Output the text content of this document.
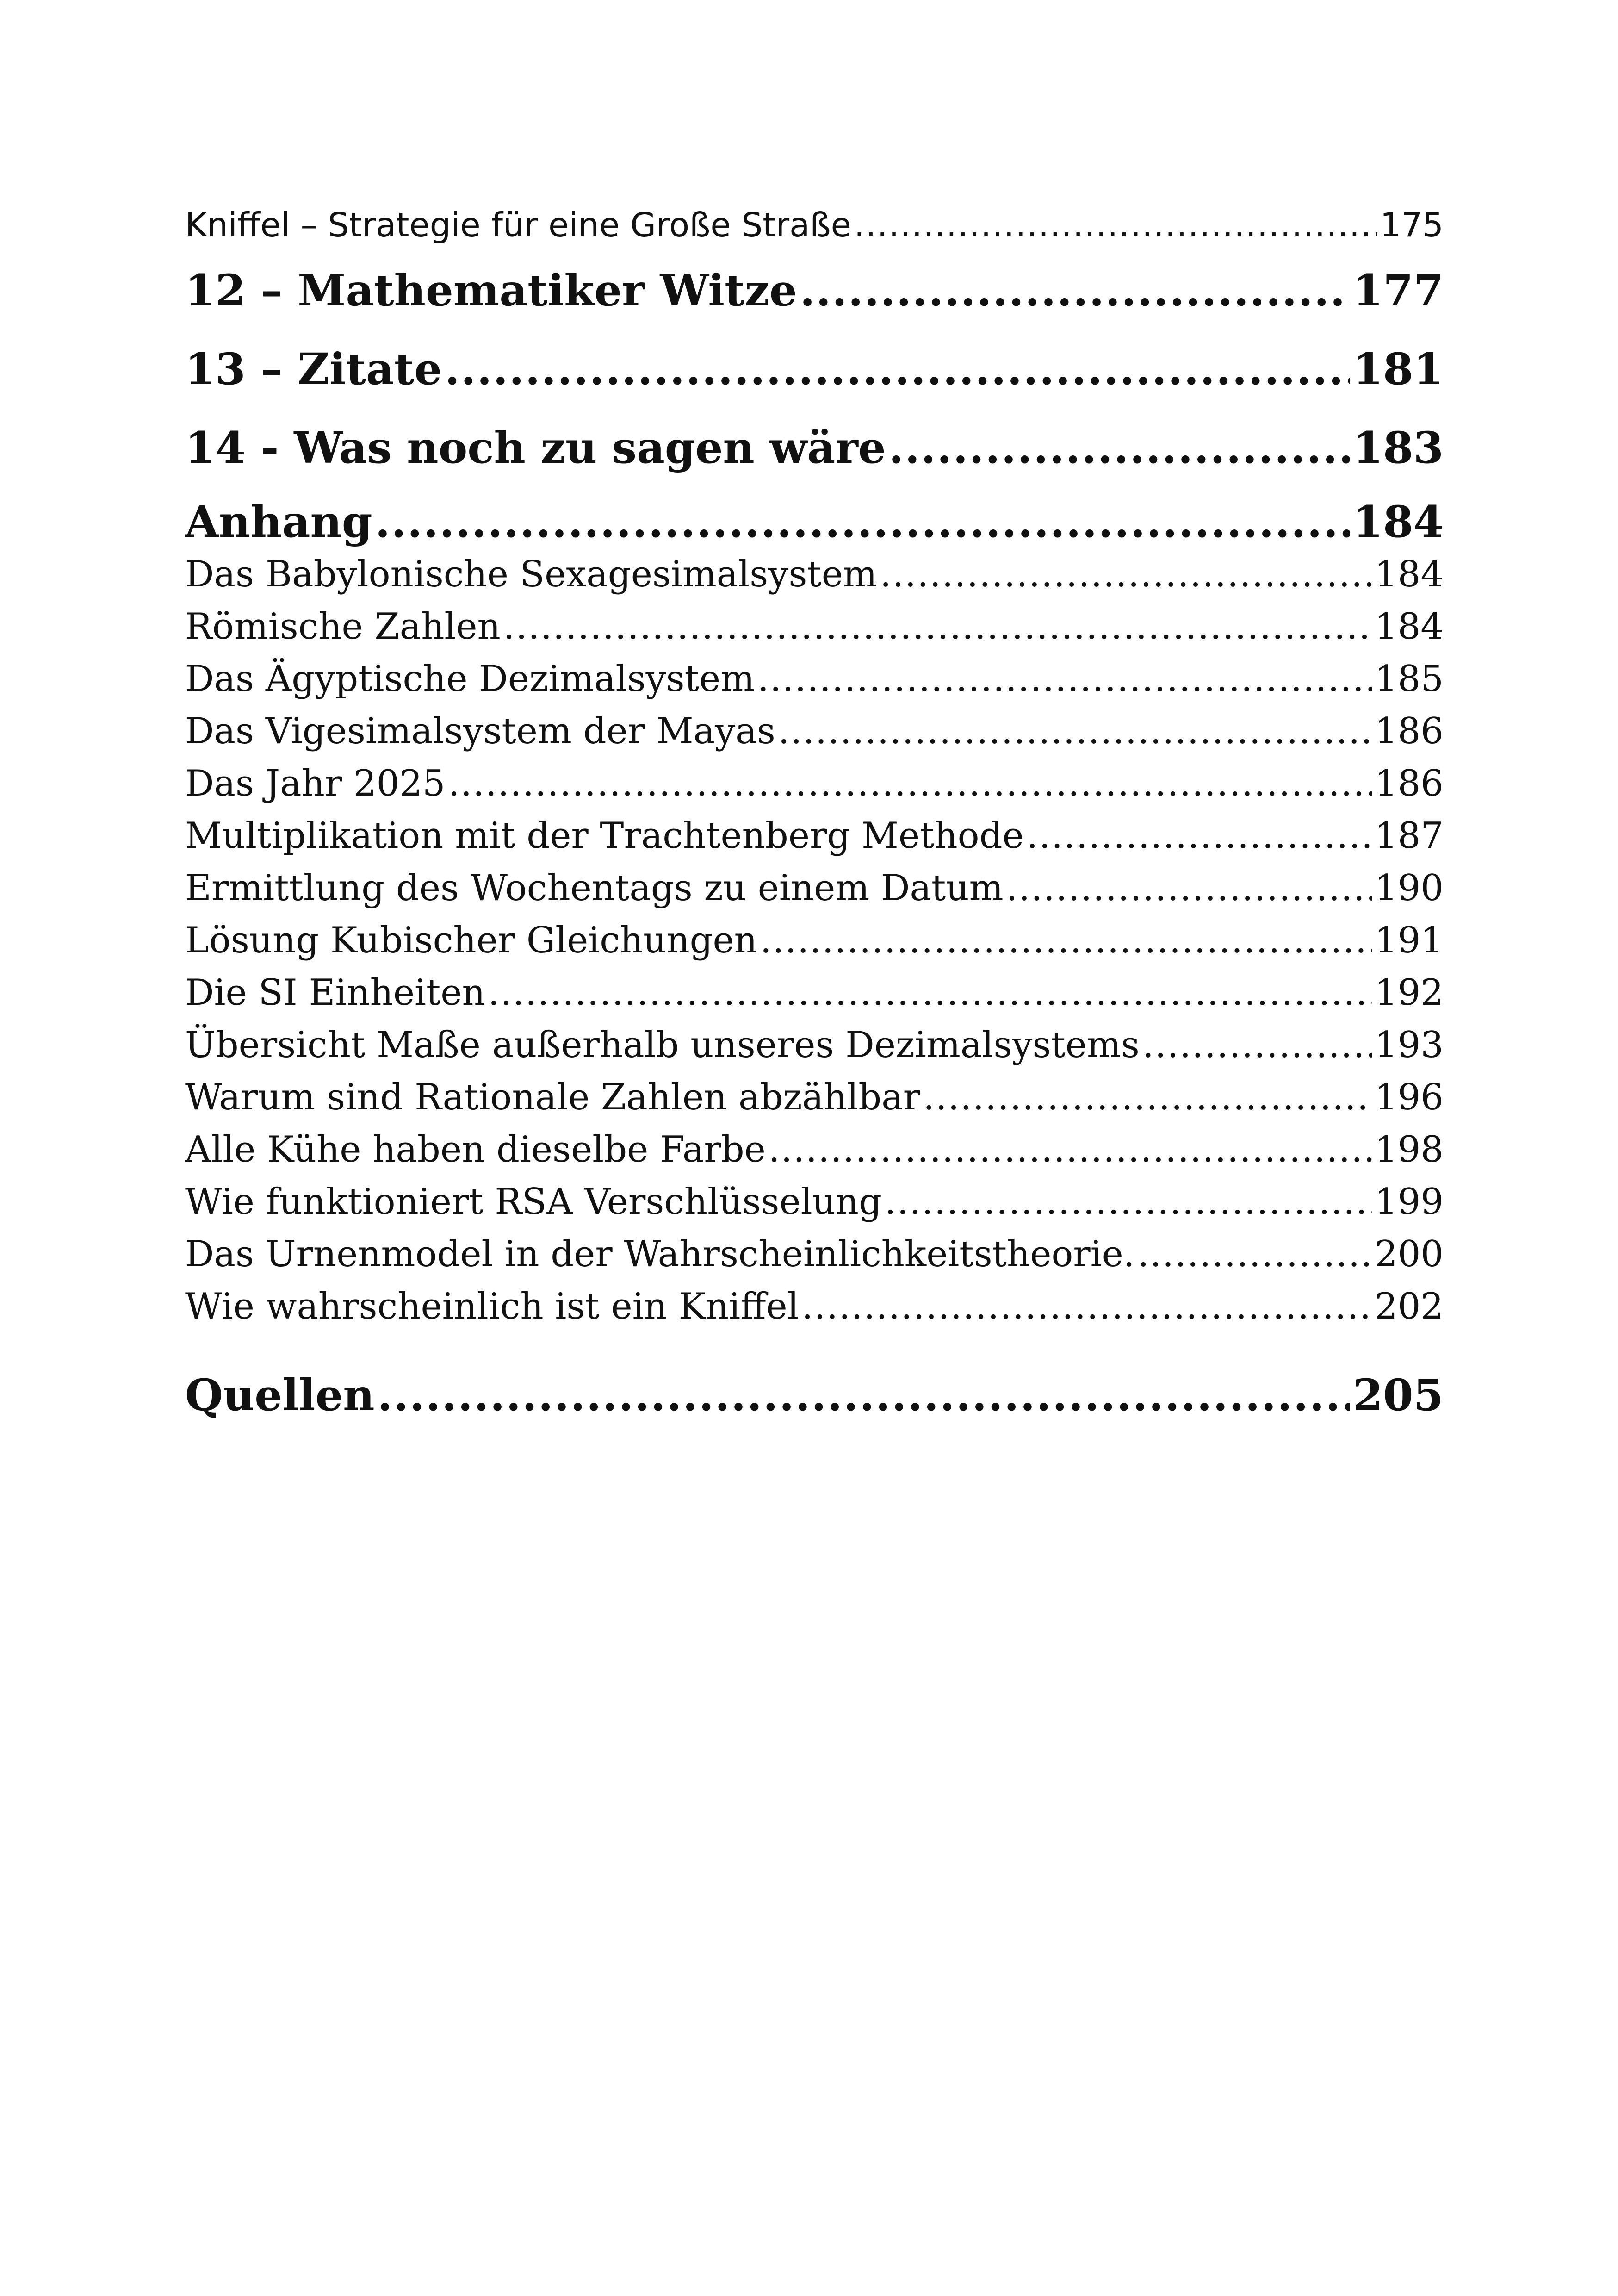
Kniffel – Strategie für eine Große Straße .....	175
12 – Mathematiker Witze .....	177
13 – Zitate .....	181
14 - Was noch zu sagen wäre .....	183
Anhang .....	184
Das Babylonische Sexagesimalsystem .....	184
Römische Zahlen .....	184
Das Ägyptische Dezimalsystem .....	185
Das Vigesimalsystem der Mayas .....	186
Das Jahr 2025 .....	186
Multiplikation mit der Trachtenberg Methode .....	187
Ermittlung des Wochentags zu einem Datum .....	190
Lösung Kubischer Gleichungen .....	191
Die SI Einheiten .....	192
Übersicht Maße außerhalb unseres Dezimalsystems .....	193
Warum sind Rationale Zahlen abzählbar .....	196
Alle Kühe haben dieselbe Farbe .....	198
Wie funktioniert RSA Verschlüsselung .....	199
Das Urnenmodel in der Wahrscheinlichkeitstheorie. .....	200
Wie wahrscheinlich ist ein Kniffel .....	202
Quellen .....	205
